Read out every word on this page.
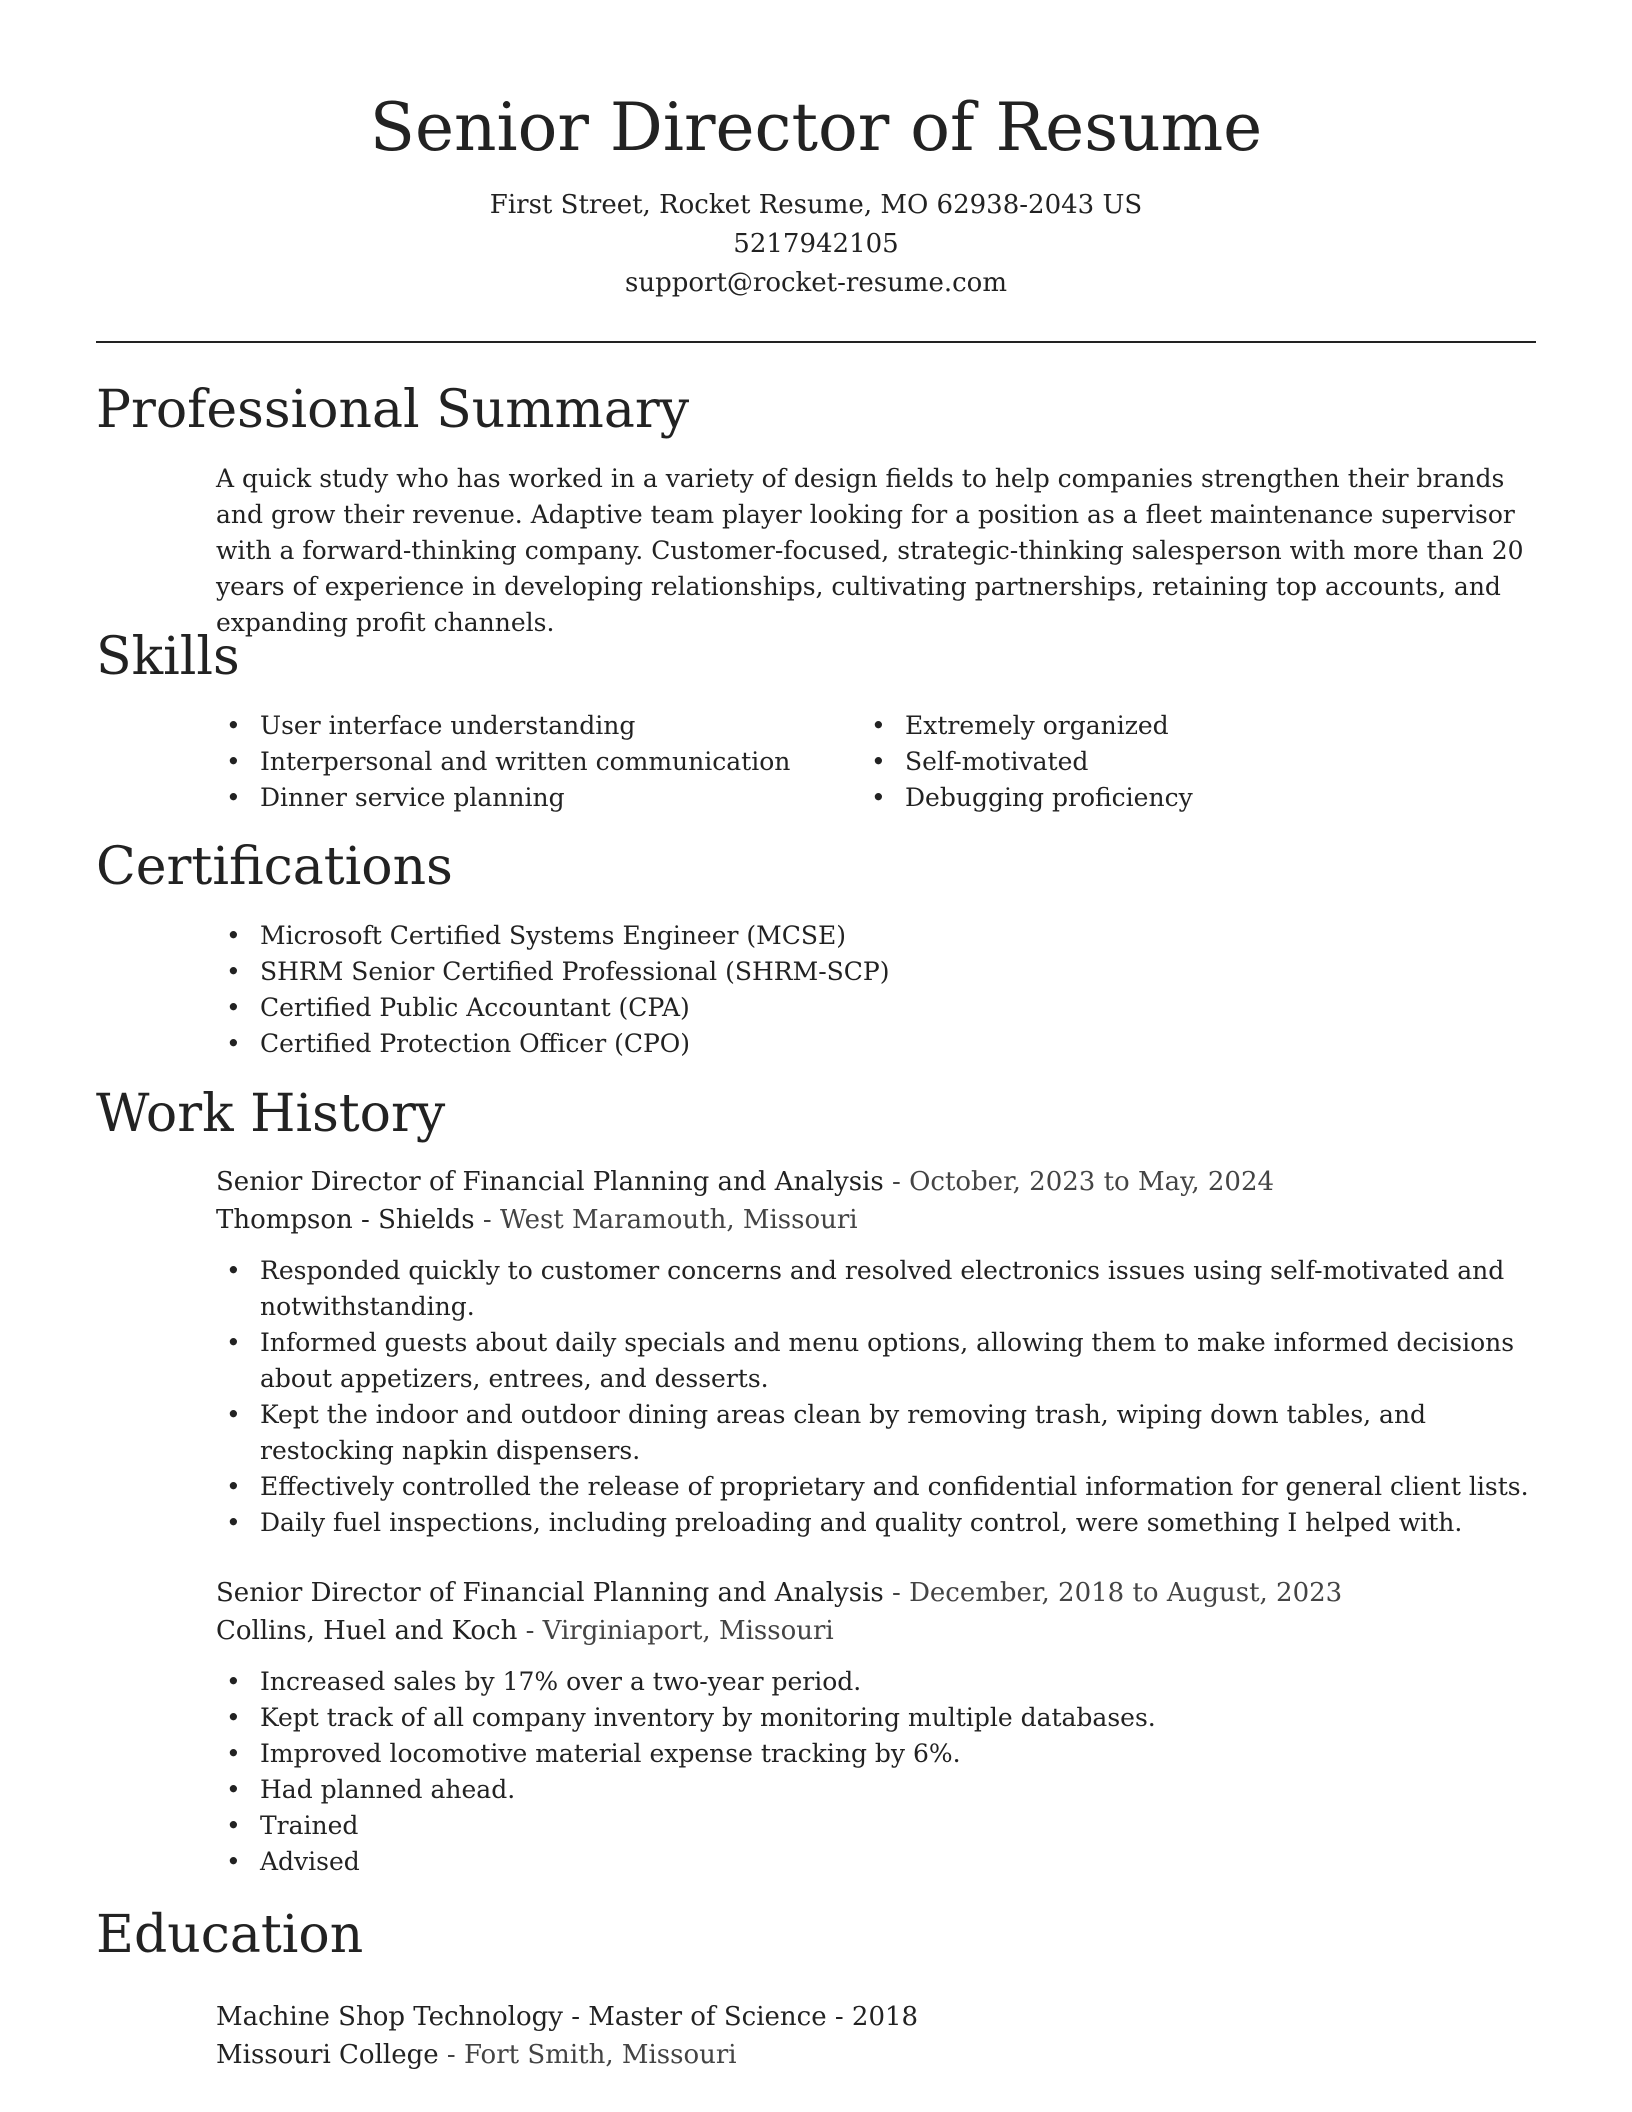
Senior Director of Resume

First Street, Rocket Resume, MO 62938-2043 US

5217942105

support@rocket-resume.com

Professional Summary

A quick study who has worked in a variety of design fields to help companies strengthen their brands and grow their revenue. Adaptive team player looking for a position as a fleet maintenance supervisor with a forward-thinking company. Customer-focused, strategic-thinking salesperson with more than 20 years of experience in developing relationships, cultivating partnerships, retaining top accounts, and expanding profit channels.

Skills
• User interface understanding
• Interpersonal and written communication
• Dinner service planning
• Extremely organized
• Self-motivated
• Debugging proficiency
Certifications
• Microsoft Certified Systems Engineer (MCSE)
• SHRM Senior Certified Professional (SHRM-SCP)
• Certified Public Accountant (CPA)
• Certified Protection Officer (CPO)
Work History

Senior Director of Financial Planning and Analysis - October, 2023 to May, 2024

Thompson - Shields - West Maramouth, Missouri

• Responded quickly to customer concerns and resolved electronics issues using self-motivated and notwithstanding.
• Informed guests about daily specials and menu options, allowing them to make informed decisions about appetizers, entrees, and desserts.
• Kept the indoor and outdoor dining areas clean by removing trash, wiping down tables, and restocking napkin dispensers.
• Effectively controlled the release of proprietary and confidential information for general client lists.
• Daily fuel inspections, including preloading and quality control, were something I helped with.

Senior Director of Financial Planning and Analysis - December, 2018 to August, 2023

Collins, Huel and Koch - Virginiaport, Missouri

• Increased sales by 17% over a two-year period.
• Kept track of all company inventory by monitoring multiple databases.
• Improved locomotive material expense tracking by 6%.
• Had planned ahead.
• Trained
• Advised
Education

Machine Shop Technology - Master of Science - 2018

Missouri College - Fort Smith, Missouri
